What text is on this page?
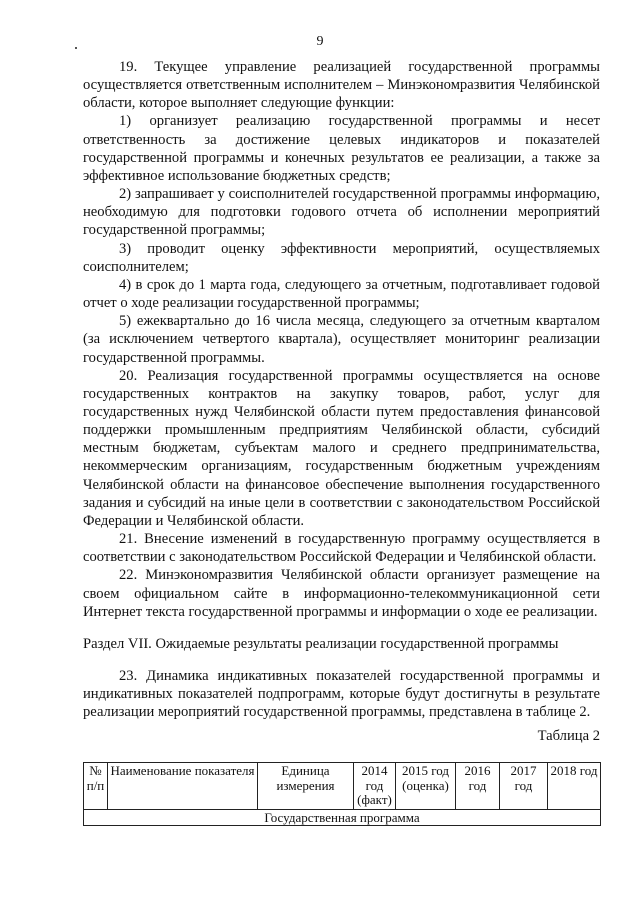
9

19. Текущее управление реализацией государственной программы осуществляется ответственным исполнителем – Минэкономразвития Челябинской области, которое выполняет следующие функции:

1) организует реализацию государственной программы и несет ответственность за достижение целевых индикаторов и показателей государственной программы и конечных результатов ее реализации, а также за эффективное использование бюджетных средств;

2) запрашивает у соисполнителей государственной программы информацию, необходимую для подготовки годового отчета об исполнении мероприятий государственной программы;

3) проводит оценку эффективности мероприятий, осуществляемых соисполнителем;

4) в срок до 1 марта года, следующего за отчетным, подготавливает годовой отчет о ходе реализации государственной программы;

5) ежеквартально до 16 числа месяца, следующего за отчетным кварталом (за исключением четвертого квартала), осуществляет мониторинг реализации государственной программы.

20. Реализация государственной программы осуществляется на основе государственных контрактов на закупку товаров, работ, услуг для государственных нужд Челябинской области путем предоставления финансовой поддержки промышленным предприятиям Челябинской области, субсидий местным бюджетам, субъектам малого и среднего предпринимательства, некоммерческим организациям, государственным бюджетным учреждениям Челябинской области на финансовое обеспечение выполнения государственного задания и субсидий на иные цели в соответствии с законодательством Российской Федерации и Челябинской области.

21. Внесение изменений в государственную программу осуществляется в соответствии с законодательством Российской Федерации и Челябинской области.

22. Минэкономразвития Челябинской области организует размещение на своем официальном сайте в информационно-телекоммуникационной сети Интернет текста государственной программы и информации о ходе ее реализации.

Раздел VII. Ожидаемые результаты реализации государственной программы

23. Динамика индикативных показателей государственной программы и индикативных показателей подпрограмм, которые будут достигнуты в результате реализации мероприятий государственной программы, представлена в таблице 2.

Таблица 2

№ п/п	Наименование показателя	Единица измерения	2014 год (факт)	2015 год (оценка)	2016 год	2017 год	2018 год
Государственная программа
